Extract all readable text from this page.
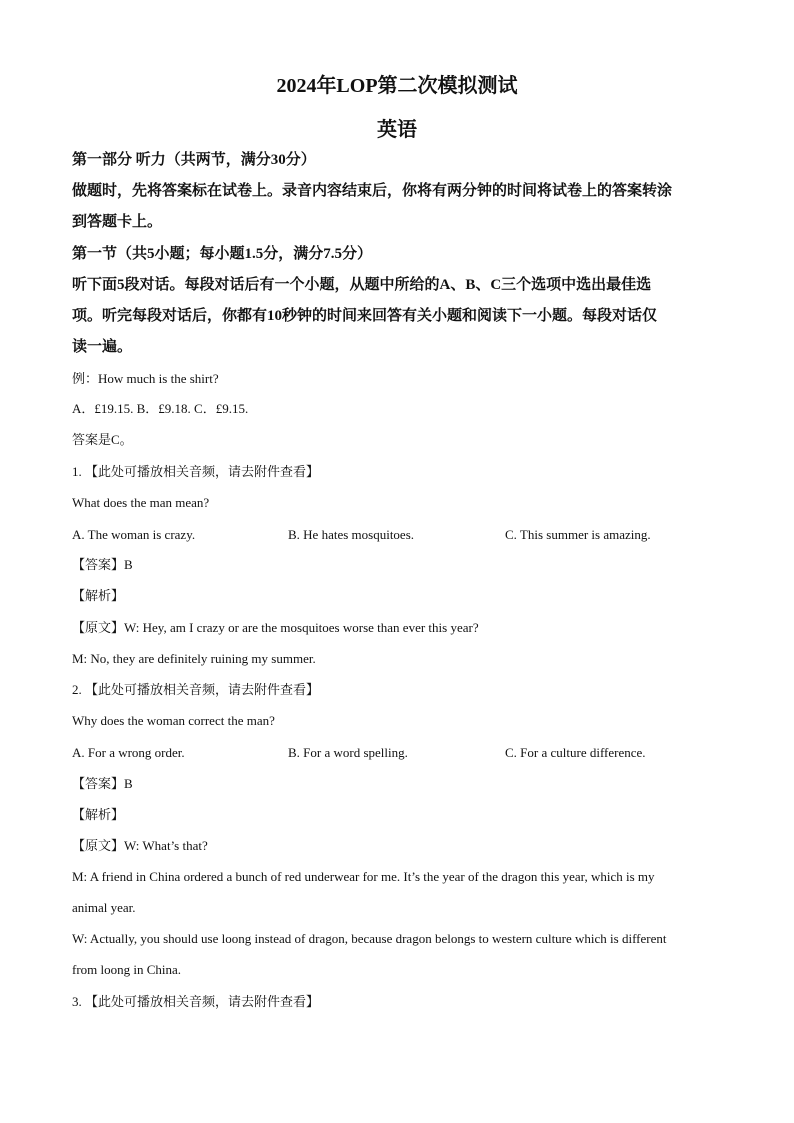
2024年LOP第二次模拟测试
英语
第一部分 听力（共两节，满分30分）
做题时，先将答案标在试卷上。录音内容结束后，你将有两分钟的时间将试卷上的答案转涂
到答题卡上。
第一节（共5小题；每小题1.5分，满分7.5分）
听下面5段对话。每段对话后有一个小题，从题中所给的A、B、C三个选项中选出最佳选
项。听完每段对话后，你都有10秒钟的时间来回答有关小题和阅读下一小题。每段对话仅
读一遍。
例：How much is the shirt?
A．£19.15. B．£9.18. C．£9.15.
答案是C。
1. 【此处可播放相关音频，请去附件查看】
What does the man mean?
A. The woman is crazy.	B. He hates mosquitoes.	C. This summer is amazing.
【答案】B
【解析】
【原文】W: Hey, am I crazy or are the mosquitoes worse than ever this year?
M: No, they are definitely ruining my summer.
2. 【此处可播放相关音频，请去附件查看】
Why does the woman correct the man?
A. For a wrong order.	B. For a word spelling.	C. For a culture difference.
【答案】B
【解析】
【原文】W: What’s that?
M: A friend in China ordered a bunch of red underwear for me. It’s the year of the dragon this year, which is my
animal year.
W: Actually, you should use loong instead of dragon, because dragon belongs to western culture which is different
from loong in China.
3. 【此处可播放相关音频，请去附件查看】
